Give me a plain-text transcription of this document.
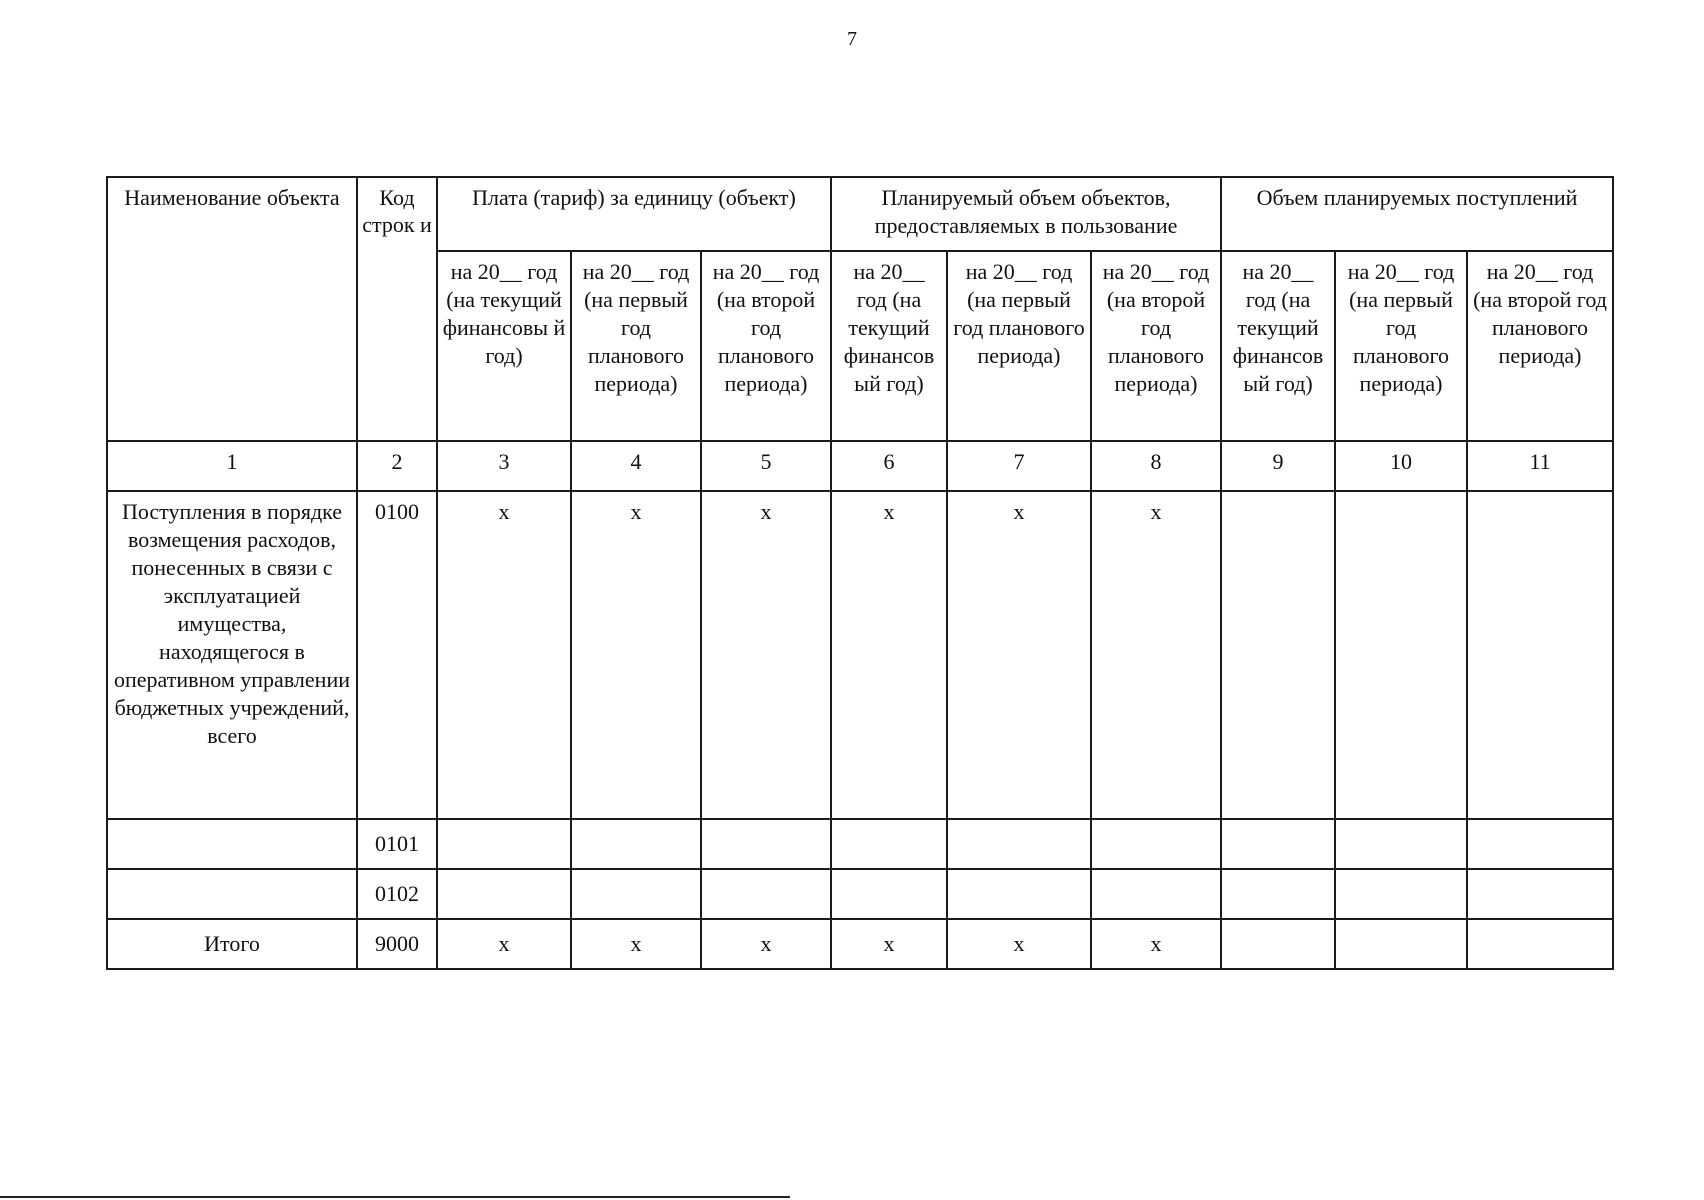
7
Наименование объекта	Код строк и	Плата (тариф) за единицу (объект)			Планируемый объем объектов, предоставляемых в пользование			Объем планируемых поступлений		
		на 20__ год (на текущий финансовы й год)	на 20__ год (на первый год планового периода)	на 20__ год (на второй год планового периода)	на 20__ год (на текущий финансов ый год)	на 20__ год (на первый год планового периода)	на 20__ год (на второй год планового периода)	на 20__ год (на текущий финансов ый год)	на 20__ год (на первый год планового периода)	на 20__ год (на второй год планового периода)
1	2	3	4	5	6	7	8	9	10	11
Поступления в порядке возмещения расходов, понесенных в связи с эксплуатацией имущества, находящегося в оперативном управлении бюджетных учреждений, всего	0100	х	х	х	х	х	х			
	0101									
	0102									
Итого	9000	х	х	х	х	х	х			
